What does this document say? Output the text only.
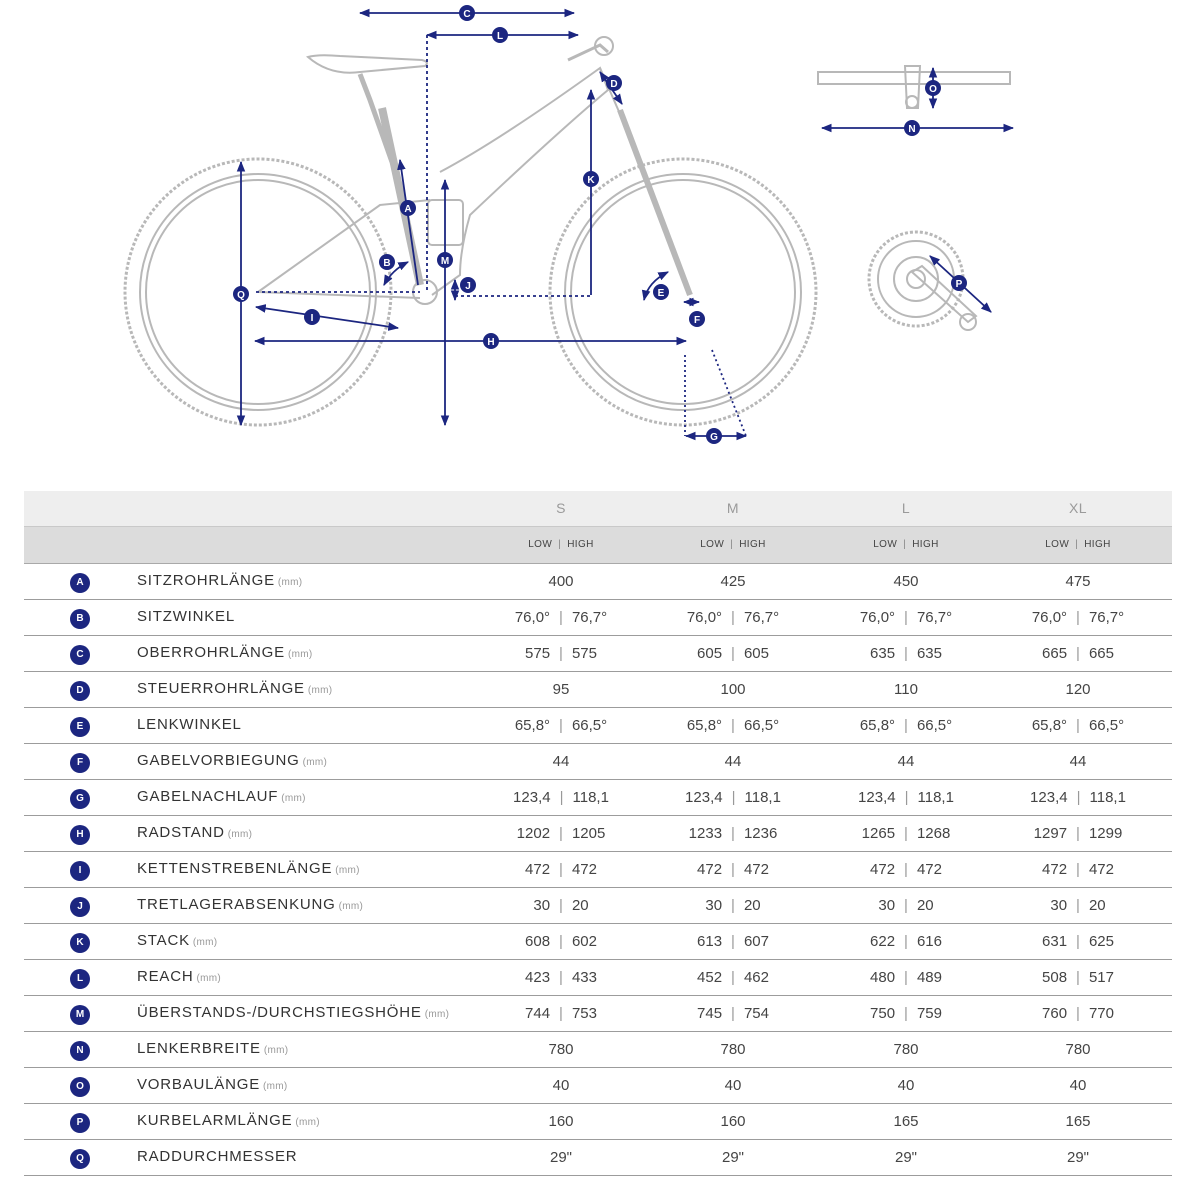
C
L
D
K
A
B	M
J
Q
I
H
E
F
G
O
N
P
S	M	L	XL
LOW | HIGH	LOW | HIGH	LOW | HIGH	LOW | HIGH
A	SITZROHRLÄNGE (mm)	400	425	450	475
B	SITZWINKEL	76,0° | 76,7°	76,0° | 76,7°	76,0° | 76,7°	76,0° | 76,7°
C	OBERROHRLÄNGE (mm)	575 | 575	605 | 605	635 | 635	665 | 665
D	STEUERROHRLÄNGE (mm)	95	100	110	120
E	LENKWINKEL	65,8° | 66,5°	65,8° | 66,5°	65,8° | 66,5°	65,8° | 66,5°
F	GABELVORBIEGUNG (mm)	44	44	44	44
G	GABELNACHLAUF (mm)	123,4 | 118,1	123,4 | 118,1	123,4 | 118,1	123,4 | 118,1
H	RADSTAND (mm)	1202 | 1205	1233 | 1236	1265 | 1268	1297 | 1299
I	KETTENSTREBENLÄNGE (mm)	472 | 472	472 | 472	472 | 472	472 | 472
J	TRETLAGERABSENKUNG (mm)	30 | 20	30 | 20	30 | 20	30 | 20
K	STACK (mm)	608 | 602	613 | 607	622 | 616	631 | 625
L	REACH (mm)	423 | 433	452 | 462	480 | 489	508 | 517
M	ÜBERSTANDS-/DURCHSTIEGSHÖHE (mm)	744 | 753	745 | 754	750 | 759	760 | 770
N	LENKERBREITE (mm)	780	780	780	780
O	VORBAULÄNGE (mm)	40	40	40	40
P	KURBELARMLÄNGE (mm)	160	160	165	165
Q	RADDURCHMESSER	29"	29"	29"	29"
